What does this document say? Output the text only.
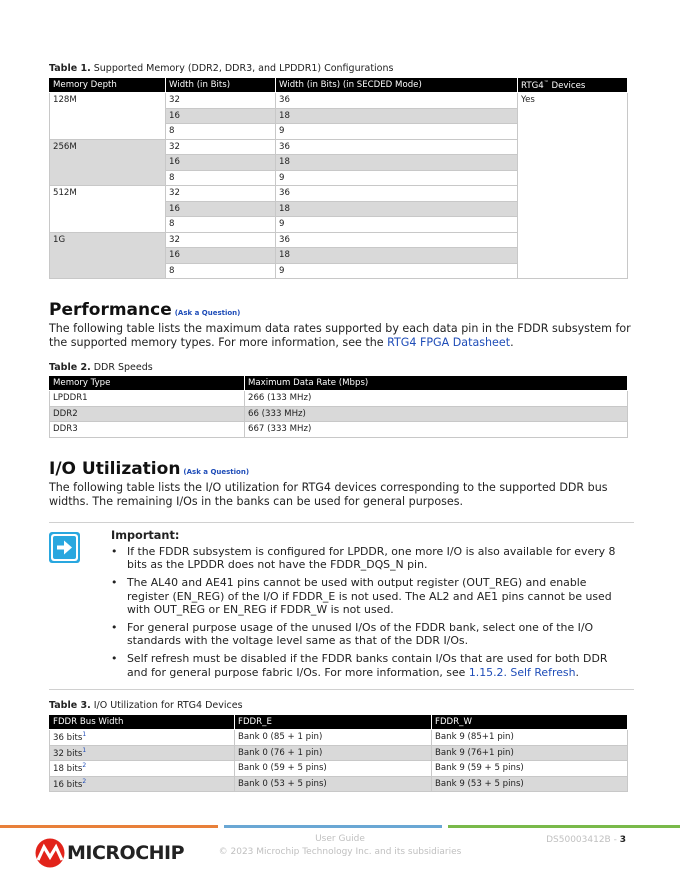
Table 1. Supported Memory (DDR2, DDR3, and LPDDR1) Configurations
Memory Depth	Width (in Bits)	Width (in Bits) (in SECDED Mode)	RTG4™ Devices
128M	32	36	Yes
	16	18	
	8	9	
256M	32	36	
	16	18	
	8	9	
512M	32	36	
	16	18	
	8	9	
1G	32	36	
	16	18	
	8	9	
Performance (Ask a Question)

The following table lists the maximum data rates supported by each data pin in the FDDR subsystem for the supported memory types. For more information, see the RTG4 FPGA Datasheet.

Table 2. DDR Speeds
Memory Type	Maximum Data Rate (Mbps)
LPDDR1	266 (133 MHz)
DDR2	66 (333 MHz)
DDR3	667 (333 MHz)
I/O Utilization (Ask a Question)

The following table lists the I/O utilization for RTG4 devices corresponding to the supported DDR bus widths. The remaining I/Os in the banks can be used for general purposes.

Important:
• If the FDDR subsystem is configured for LPDDR, one more I/O is also available for every 8 bits as the LPDDR does not have the FDDR_DQS_N pin.
• The AL40 and AE41 pins cannot be used with output register (OUT_REG) and enable register (EN_REG) of the I/O if FDDR_E is not used. The AL2 and AE1 pins cannot be used with OUT_REG or EN_REG if FDDR_W is not used.
• For general purpose usage of the unused I/Os of the FDDR bank, select one of the I/O standards with the voltage level same as that of the DDR I/Os.
• Self refresh must be disabled if the FDDR banks contain I/Os that are used for both DDR and for general purpose fabric I/Os. For more information, see 1.15.2. Self Refresh.
Table 3. I/O Utilization for RTG4 Devices
FDDR Bus Width	FDDR_E	FDDR_W
36 bits$^1$	Bank 0 (85 + 1 pin)	Bank 9 (85+1 pin)
32 bits$^1$	Bank 0 (76 + 1 pin)	Bank 9 (76+1 pin)
18 bits$^2$	Bank 0 (59 + 5 pins)	Bank 9 (59 + 5 pins)
16 bits$^2$	Bank 0 (53 + 5 pins)	Bank 9 (53 + 5 pins)
MICROCHIP
User Guide
© 2023 Microchip Technology Inc. and its subsidiaries
DS50003412B - 3
